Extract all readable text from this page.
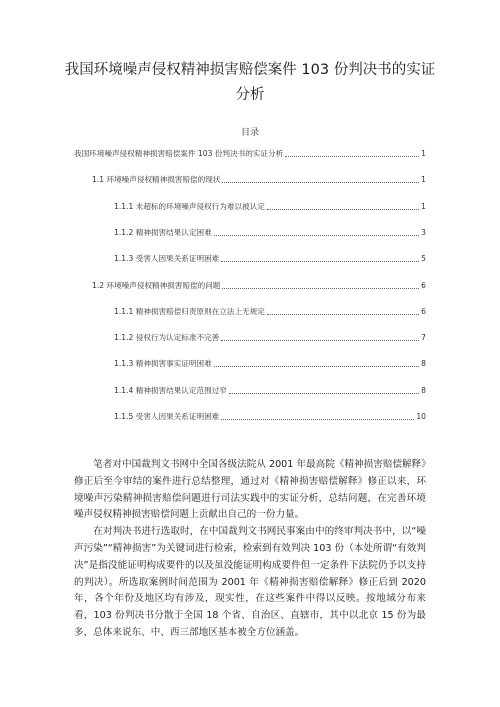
我国环境噪声侵权精神损害赔偿案件 103 份判决书的实证
分析
目录
我国环境噪声侵权精神损害赔偿案件 103 份判决书的实证分析	1
1.1 环境噪声侵权精神损害赔偿的现状	1
1.1.1 未超标的环境噪声侵权行为难以被认定	1
1.1.2 精神损害结果认定困难	3
1.1.3 受害人因果关系证明困难	5
1.2 环境噪声侵权精神损害赔偿的问题	6
1.1.1 精神损害赔偿归责原则在立法上无规定	6
1.1.2 侵权行为认定标准不完善	7
1.1.3 精神损害事实证明困难	8
1.1.4 精神损害结果认定范围过窄	8
1.1.5 受害人因果关系证明困难	10

笔者对中国裁判文书网中全国各级法院从 2001 年最高院《精神损害赔偿解释》修正后至今审结的案件进行总结整理，通过对《精神损害赔偿解释》修正以来，环境噪声污染精神损害赔偿问题进行司法实践中的实证分析，总结问题，在完善环境噪声侵权精神损害赔偿问题上贡献出自己的一份力量。

在对判决书进行选取时，在中国裁判文书网民事案由中的终审判决书中，以“噪声污染”“精神损害”为关键词进行检索，检索到有效判决 103 份（本处所谓“有效判决”是指没能证明构成要件的以及虽没能证明构成要件但一定条件下法院仍予以支持的判决）。所选取案例时间范围为 2001 年《精神损害赔偿解释》修正后到 2020 年，各个年份及地区均有涉及，现实性，在这些案件中得以反映。按地域分布来看，103 份判决书分散于全国 18 个省、自治区、直辖市，其中以北京 15 份为最多，总体来说东、中、西三部地区基本被全方位涵盖。
